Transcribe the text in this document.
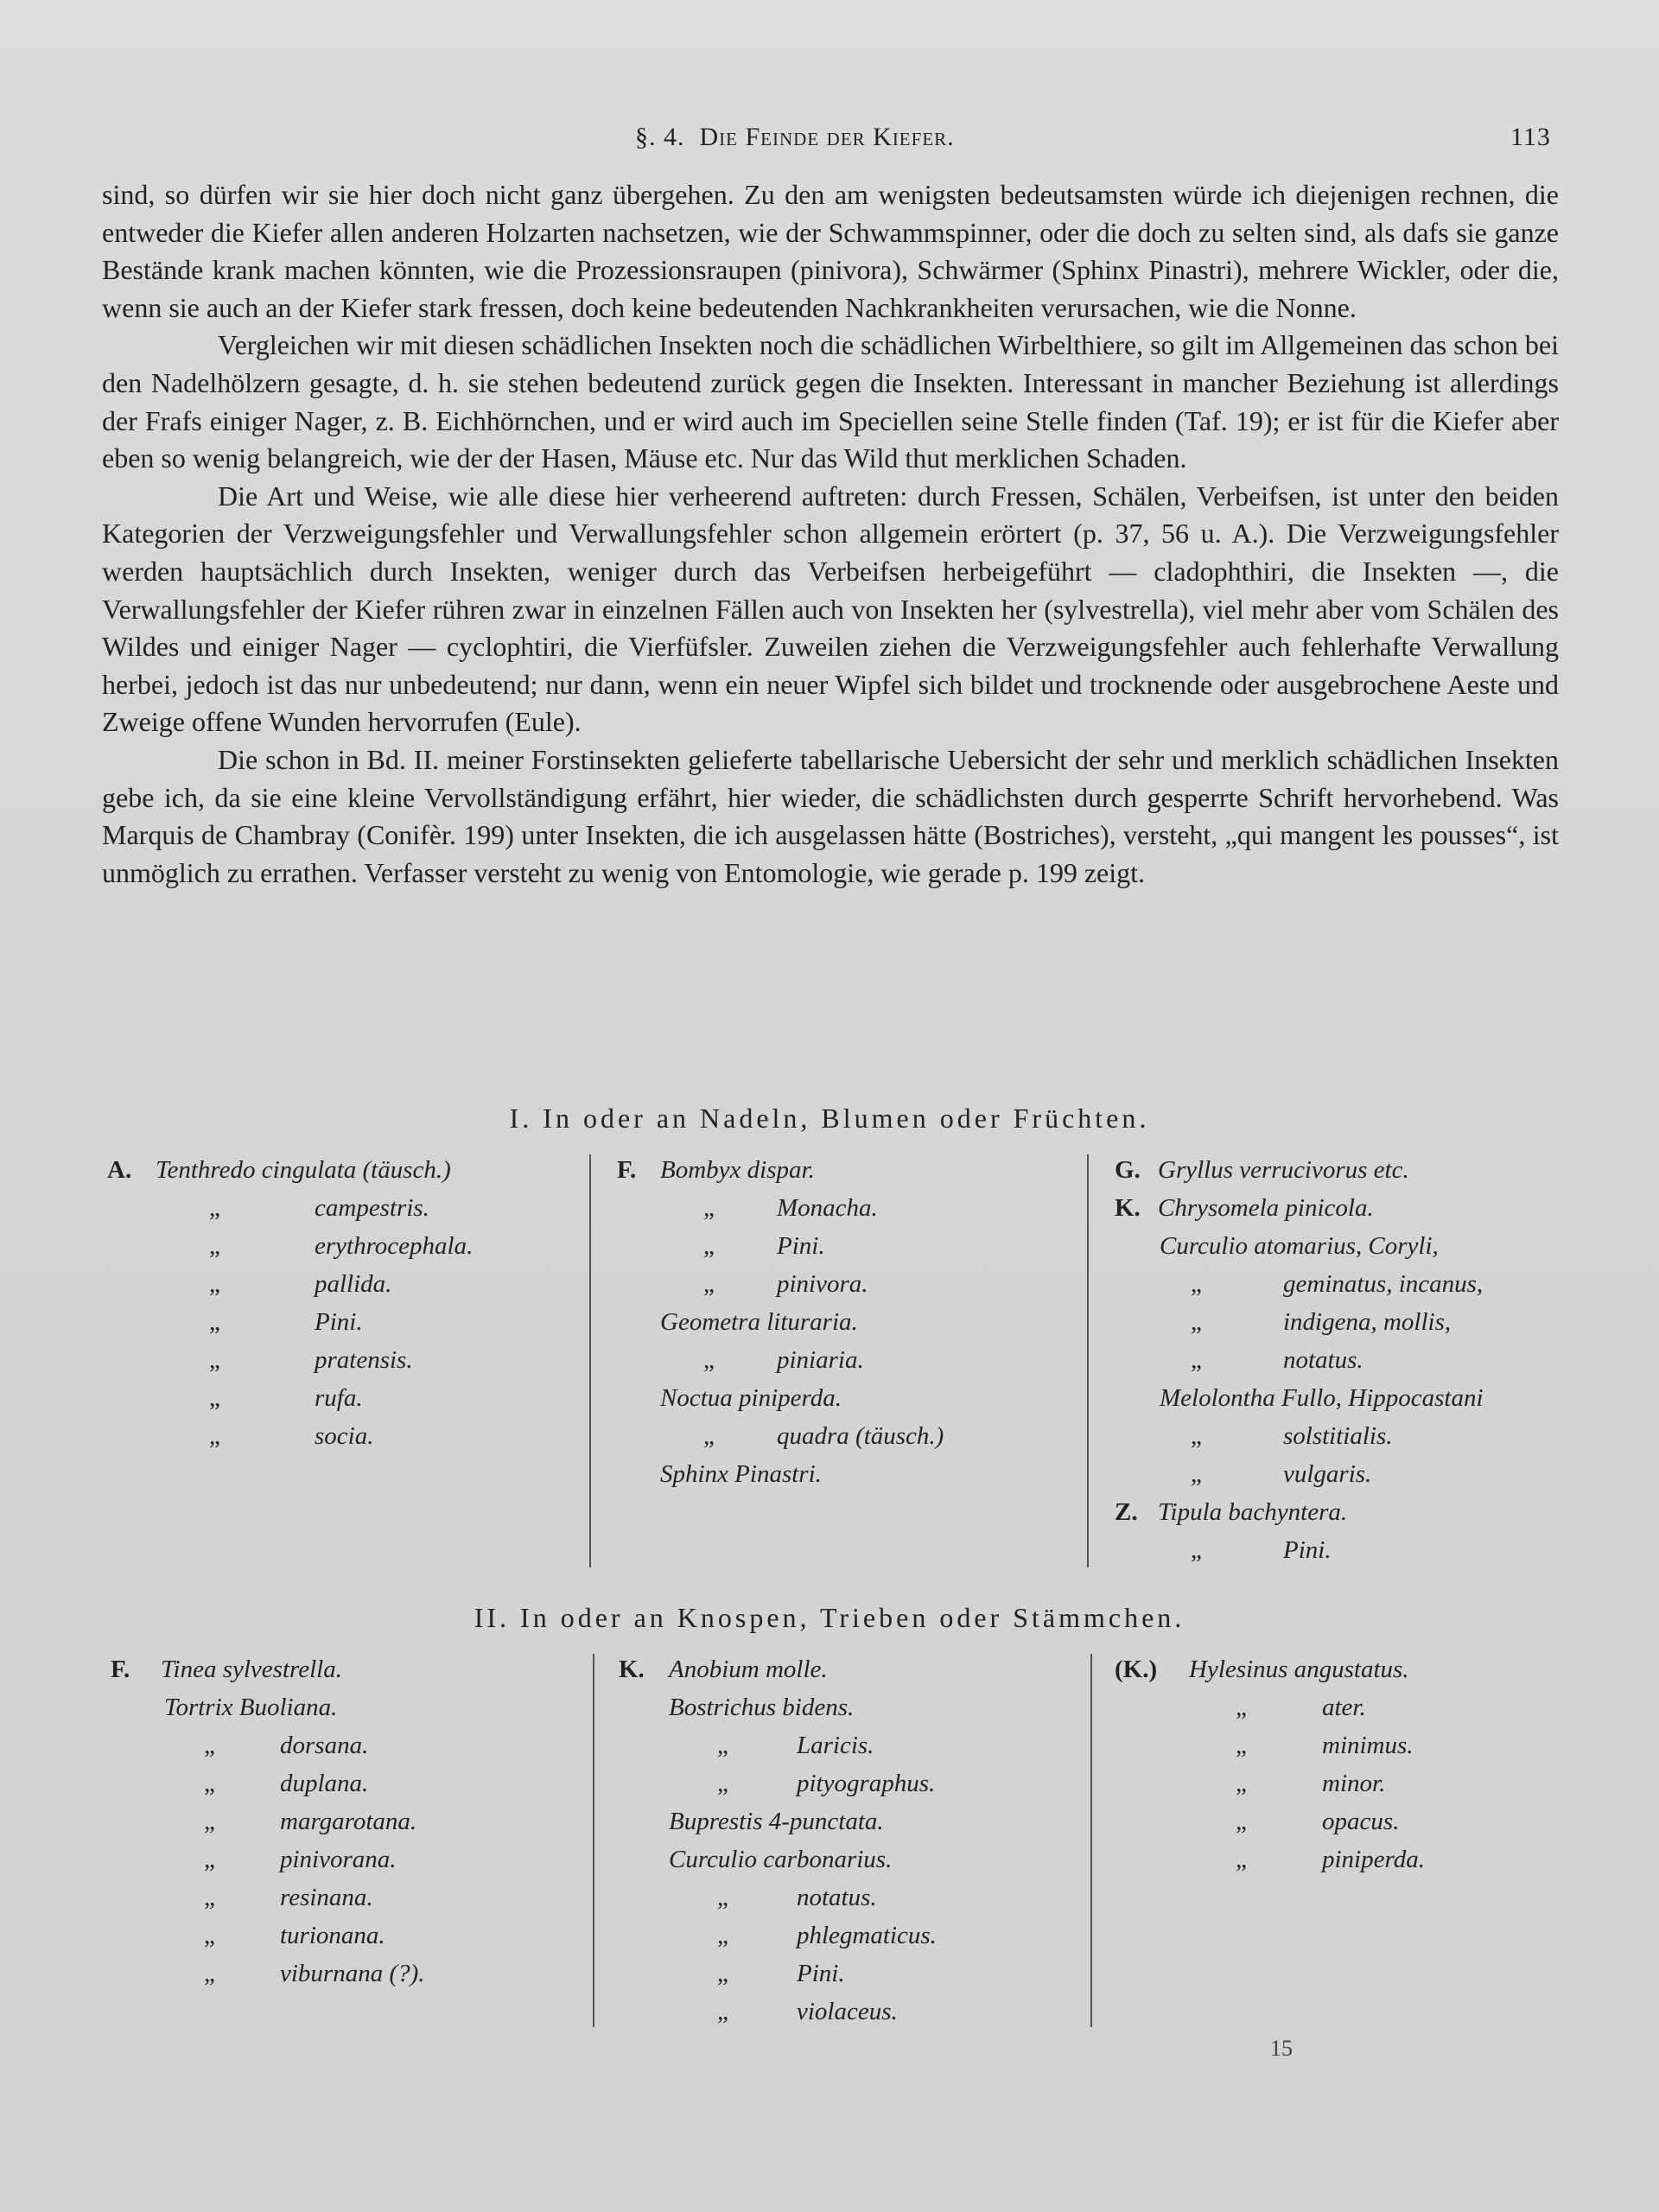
§. 4. Die Feinde der Kiefer.	113

sind, so dürfen wir sie hier doch nicht ganz übergehen. Zu den am wenigsten bedeutsamsten würde ich diejenigen rechnen, die entweder die Kiefer allen anderen Holzarten nachsetzen, wie der Schwammspinner, oder die doch zu selten sind, als dafs sie ganze Bestände krank machen könnten, wie die Prozessionsraupen (pinivora), Schwärmer (Sphinx Pinastri), mehrere Wickler, oder die, wenn sie auch an der Kiefer stark fressen, doch keine bedeutenden Nachkrankheiten verursachen, wie die Nonne.

Vergleichen wir mit diesen schädlichen Insekten noch die schädlichen Wirbelthiere, so gilt im Allgemeinen das schon bei den Nadelhölzern gesagte, d. h. sie stehen bedeutend zurück gegen die Insekten. Interessant in mancher Beziehung ist allerdings der Frafs einiger Nager, z. B. Eichhörnchen, und er wird auch im Speciellen seine Stelle finden (Taf. 19); er ist für die Kiefer aber eben so wenig belangreich, wie der der Hasen, Mäuse etc. Nur das Wild thut merklichen Schaden.

Die Art und Weise, wie alle diese hier verheerend auftreten: durch Fressen, Schälen, Verbeifsen, ist unter den beiden Kategorien der Verzweigungsfehler und Verwallungsfehler schon allgemein erörtert (p. 37, 56 u. A.). Die Verzweigungsfehler werden hauptsächlich durch Insekten, weniger durch das Verbeifsen herbeigeführt — cladophthiri, die Insekten —, die Verwallungsfehler der Kiefer rühren zwar in einzelnen Fällen auch von Insekten her (sylvestrella), viel mehr aber vom Schälen des Wildes und einiger Nager — cyclophtiri, die Vierfüfsler. Zuweilen ziehen die Verzweigungsfehler auch fehlerhafte Verwallung herbei, jedoch ist das nur unbedeutend; nur dann, wenn ein neuer Wipfel sich bildet und trocknende oder ausgebrochene Aeste und Zweige offene Wunden hervorrufen (Eule).

Die schon in Bd. II. meiner Forstinsekten gelieferte tabellarische Uebersicht der sehr und merklich schädlichen Insekten gebe ich, da sie eine kleine Vervollständigung erfährt, hier wieder, die schädlichsten durch gesperrte Schrift hervorhebend. Was Marquis de Chambray (Conifèr. 199) unter Insekten, die ich ausgelassen hätte (Bostriches), versteht, „qui mangent les pousses“, ist unmöglich zu errathen. Verfasser versteht zu wenig von Entomologie, wie gerade p. 199 zeigt.

I. In oder an Nadeln, Blumen oder Früchten.
A. Tenthredo cingulata (täusch.)
„	campestris.
„	erythrocephala.
„	pallida.
„	Pini.
„	pratensis.
„	rufa.
„	socia.
F. Bombyx dispar.
„ Monacha.
„ Pini.
„ pinivora.
Geometra lituraria.
„ piniaria.
Noctua piniperda.
„ quadra (täusch.)
Sphinx Pinastri.
G. Gryllus verrucivorus etc.
K. Chrysomela pinicola.
Curculio atomarius, Coryli,
„	geminatus, incanus,
„	indigena, mollis,
„	notatus.
Melolontha Fullo, Hippocastani
„	solstitialis.
„	vulgaris.
Z. Tipula bachyntera.
„	Pini.
II. In oder an Knospen, Trieben oder Stämmchen.
F. Tinea sylvestrella.
Tortrix Buoliana.
„	dorsana.
„	duplana.
„	margarotana.
„	pinivorana.
„	resinana.
„	turionana.
„	viburnana (?).
K. Anobium molle.
Bostrichus bidens.
„	Laricis.
„	pityographus.
Buprestis 4-punctata.
Curculio carbonarius.
„	notatus.
„	phlegmaticus.
„	Pini.
„	violaceus.
(K.) Hylesinus angustatus.
„	ater.
„	minimus.
„	minor.
„	opacus.
„	piniperda.
15
